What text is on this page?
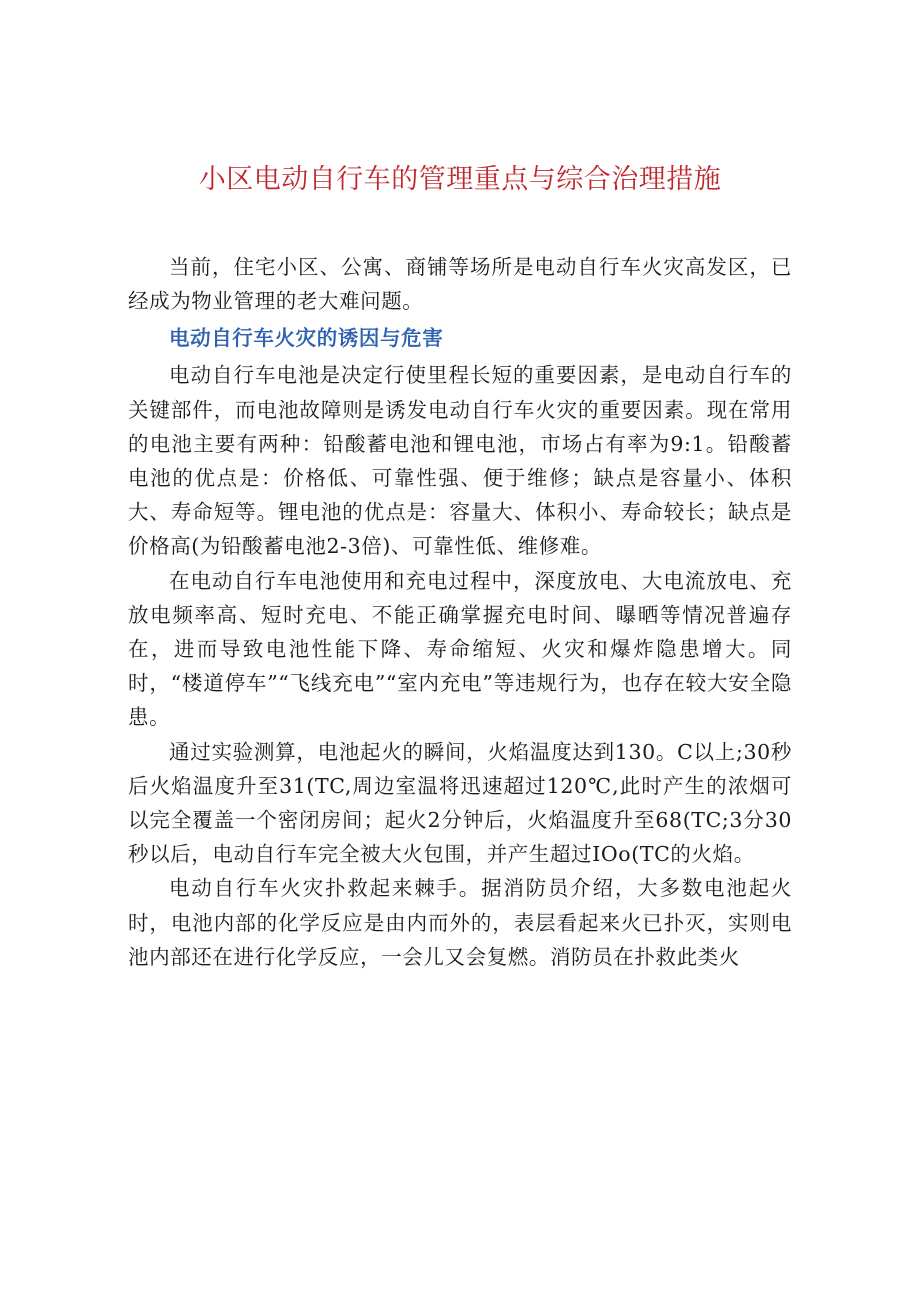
小区电动自行车的管理重点与综合治理措施

当前，住宅小区、公寓、商铺等场所是电动自行车火灾高发区，已经成为物业管理的老大难问题。

电动自行车火灾的诱因与危害

电动自行车电池是决定行使里程长短的重要因素，是电动自行车的关键部件，而电池故障则是诱发电动自行车火灾的重要因素。现在常用的电池主要有两种：铅酸蓄电池和锂电池，市场占有率为9:1。铅酸蓄电池的优点是：价格低、可靠性强、便于维修；缺点是容量小、体积大、寿命短等。锂电池的优点是：容量大、体积小、寿命较长；缺点是价格高(为铅酸蓄电池2-3倍)、可靠性低、维修难。

在电动自行车电池使用和充电过程中，深度放电、大电流放电、充放电频率高、短时充电、不能正确掌握充电时间、曝晒等情况普遍存在，进而导致电池性能下降、寿命缩短、火灾和爆炸隐患增大。同时，“楼道停车”“飞线充电”“室内充电”等违规行为，也存在较大安全隐患。

通过实验测算，电池起火的瞬间，火焰温度达到130。C以上;30秒后火焰温度升至31(TC,周边室温将迅速超过120℃,此时产生的浓烟可以完全覆盖一个密闭房间；起火2分钟后，火焰温度升至68(TC;3分30秒以后，电动自行车完全被大火包围，并产生超过IOo(TC的火焰。

电动自行车火灾扑救起来棘手。据消防员介绍，大多数电池起火时，电池内部的化学反应是由内而外的，表层看起来火已扑灭，实则电池内部还在进行化学反应，一会儿又会复燃。消防员在扑救此类火
